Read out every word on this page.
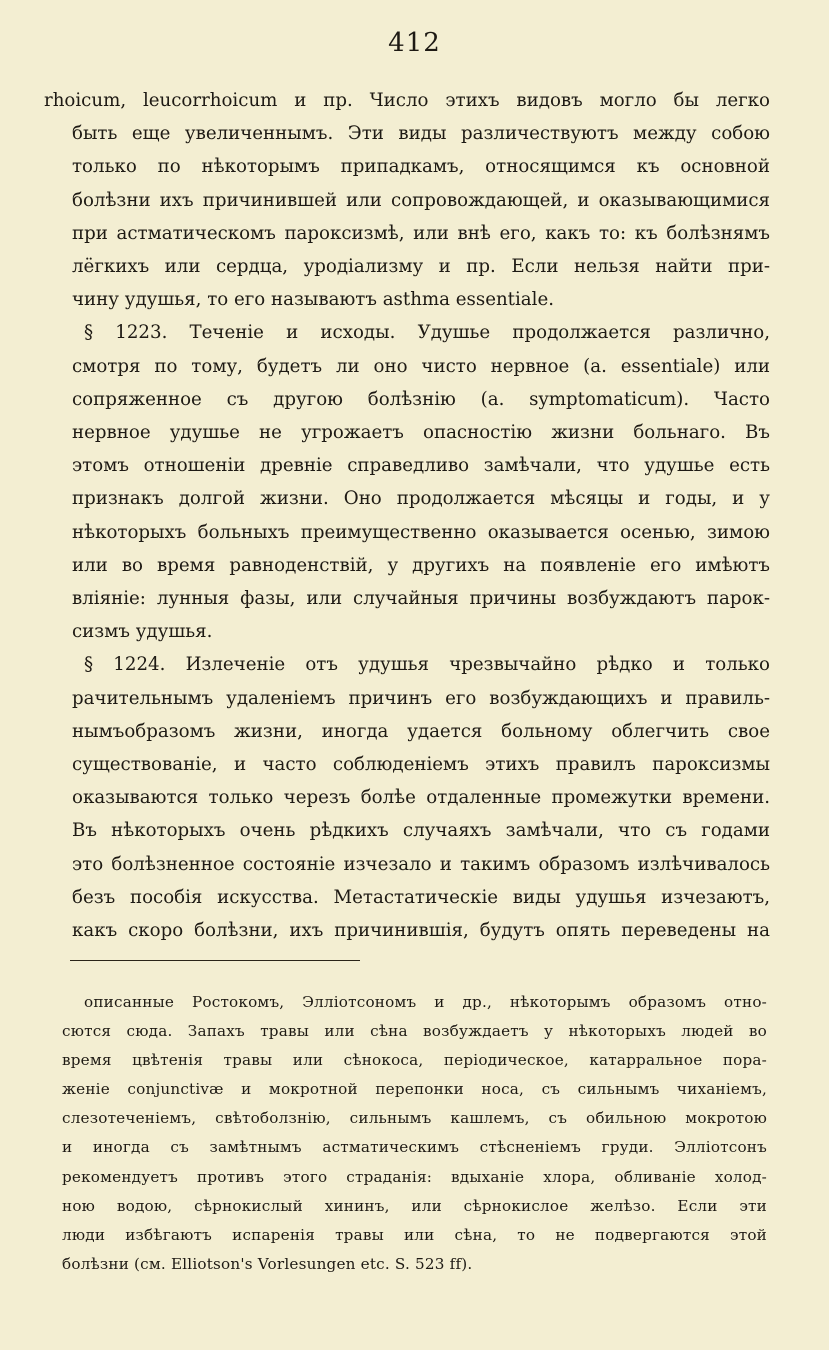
412
rhoicum, leucorrhoicum и пр. Число этихъ видовъ могло бы легко
быть еще увеличеннымъ. Эти виды различествуютъ между собою
только по нѣкоторымъ припадкамъ, относящимся къ основной
болѣзни ихъ причинившей или сопровождающей, и оказывающимися
при астматическомъ пароксизмѣ, или внѣ его, какъ то: къ болѣзнямъ
лёгкихъ или сердца, уродіализму и пр. Если нельзя найти при-
чину удушья, то его называютъ asthma essentiale.
§ 1223. Теченіе и исходы. Удушье продолжается различно,
смотря по тому, будетъ ли оно чисто нервное (a. essentiale) или
сопряженное съ другою болѣзнію (a. symptomaticum). Часто
нервное удушье не угрожаетъ опасностію жизни больнаго. Въ
этомъ отношеніи древніе справедливо замѣчали, что удушье есть
признакъ долгой жизни. Оно продолжается мѣсяцы и годы, и у
нѣкоторыхъ больныхъ преимущественно оказывается осенью, зимою
или во время равноденствій, у другихъ на появленіе его имѣютъ
вліяніе: лунныя фазы, или случайныя причины возбуждаютъ парок-
сизмъ удушья.
§ 1224. Излеченіе отъ удушья чрезвычайно рѣдко и только
рачительнымъ удаленіемъ причинъ его возбуждающихъ и правиль-
нымъобразомъ жизни, иногда удается больному облегчить свое
существованіе, и часто соблюденіемъ этихъ правилъ пароксизмы
оказываются только черезъ болѣе отдаленные промежутки времени.
Въ нѣкоторыхъ очень рѣдкихъ случаяхъ замѣчали, что съ годами
это болѣзненное состояніе изчезало и такимъ образомъ излѣчивалось
безъ пособія искусства. Метастатическіе виды удушья изчезаютъ,
какъ скоро болѣзни, ихъ причинившія, будутъ опять переведены на
описанные Ростокомъ, Эллiотсономъ и др., нѣкоторымъ образомъ отно-
сются сюда. Запахъ травы или сѣна возбуждаетъ у нѣкоторыхъ людей во
время цвѣтенія травы или сѣнокоса, періодическое, катарральное пора-
женіе conjunctivæ и мокротной перепонки носа, съ сильнымъ чиханіемъ,
слезотеченіемъ, свѣтоболзнію, сильнымъ кашлемъ, съ обильною мокротою
и иногда съ замѣтнымъ астматическимъ стѣсненіемъ груди. Эллiотсонъ
рекомендуетъ противъ этого страданія: вдыханіе хлора, обливаніе холод-
ною водою, сѣрнокислый хининъ, или сѣрнокислое желѣзо. Если эти
люди избѣгаютъ испаренія травы или сѣна, то не подвергаются этой
болѣзни (см. Elliotson's Vorlesungen etc. S. 523 ff).
